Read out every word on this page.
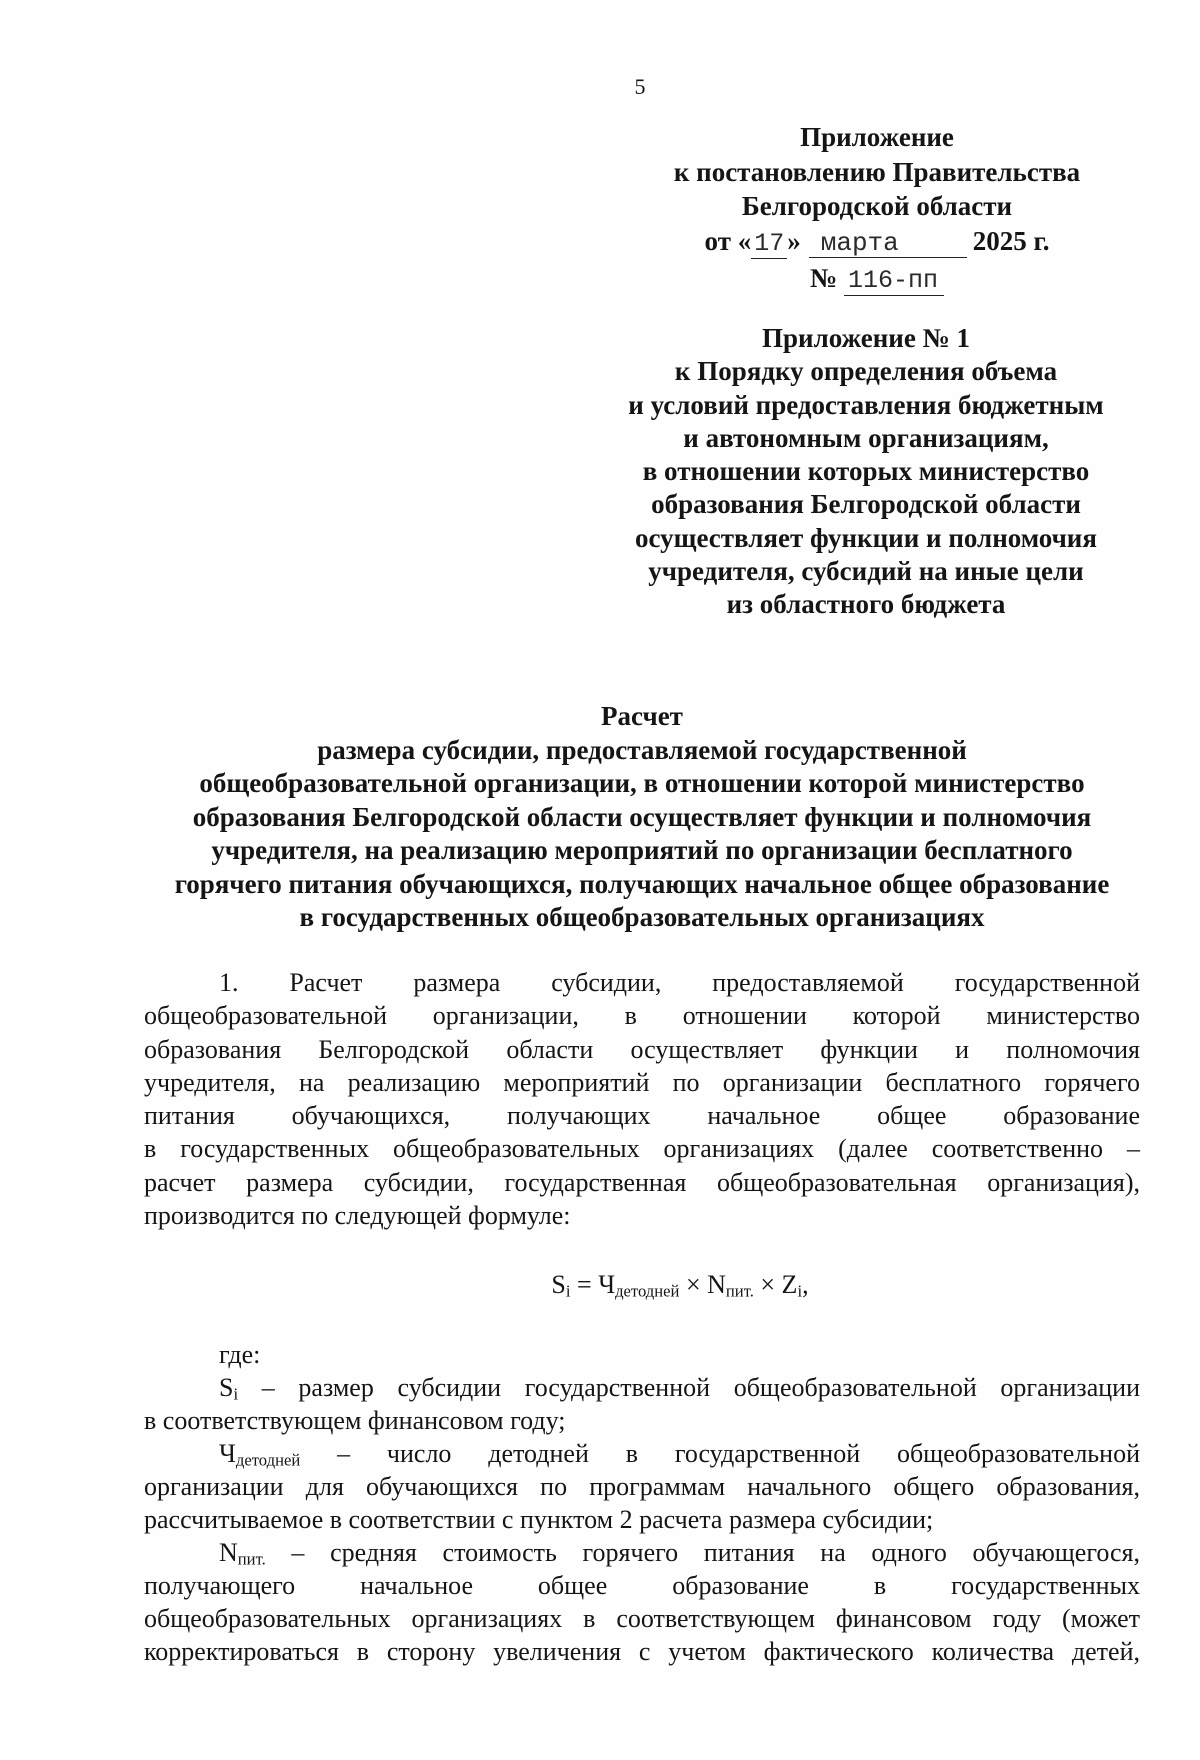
5
Приложение
к постановлению Правительства
Белгородской области
от « 17 » марта	2025 г.
№ 116-пп
Приложение № 1
к Порядку определения объема
и условий предоставления бюджетным
и автономным организациям,
в отношении которых министерство
образования Белгородской области
осуществляет функции и полномочия
учредителя, субсидий на иные цели
из областного бюджета
Расчет
размера субсидии, предоставляемой государственной
общеобразовательной организации, в отношении которой министерство
образования Белгородской области осуществляет функции и полномочия
учредителя, на реализацию мероприятий по организации бесплатного
горячего питания обучающихся, получающих начальное общее образование
в государственных общеобразовательных организациях
1. Расчет размера субсидии, предоставляемой государственной
общеобразовательной организации, в отношении которой министерство
образования Белгородской области осуществляет функции и полномочия
учредителя, на реализацию мероприятий по организации бесплатного горячего
питания обучающихся, получающих начальное общее образование
в государственных общеобразовательных организациях (далее соответственно –
расчет размера субсидии, государственная общеобразовательная организация),
производится по следующей формуле:
Si = Чдетодней × Nпит. × Zi,
где:
Si – размер субсидии государственной общеобразовательной организации
в соответствующем финансовом году;
Чдетодней – число детодней в государственной общеобразовательной
организации для обучающихся по программам начального общего образования,
рассчитываемое в соответствии с пунктом 2 расчета размера субсидии;
Nпит. – средняя стоимость горячего питания на одного обучающегося,
получающего начальное общее образование в государственных
общеобразовательных организациях в соответствующем финансовом году (может
корректироваться в сторону увеличения с учетом фактического количества детей,
